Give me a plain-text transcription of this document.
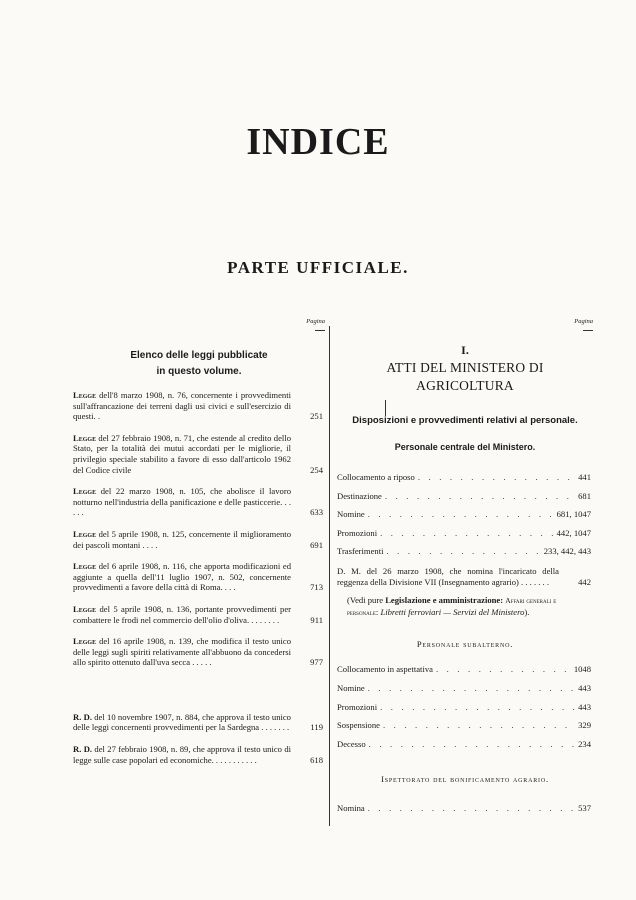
INDICE
PARTE UFFICIALE.
Pagina
Elenco delle leggi pubblicate
in questo volume.
Legge dell'8 marzo 1908, n. 76, concernente i provvedimenti sull'affrancazione dei terreni dagli usi civici e sull'esercizio di questi. .	251
Legge del 27 febbraio 1908, n. 71, che estende al credito dello Stato, per la totalità dei mutui accordati per le migliorie, il privilegio speciale stabilito a favore di esso dall'articolo 1962 del Codice civile	254
Legge del 22 marzo 1908, n. 105, che abolisce il lavoro notturno nell'industria della panificazione e delle pasticcerie. . . . . .	633
Legge del 5 aprile 1908, n. 125, concernente il miglioramento dei pascoli montani . . . .	691
Legge del 6 aprile 1908, n. 116, che apporta modificazioni ed aggiunte a quella dell'11 luglio 1907, n. 502, concernente provvedimenti a favore della città di Roma. . . .	713
Legge del 5 aprile 1908, n. 136, portante provvedimenti per combattere le frodi nel commercio dell'olio d'oliva. . . . . . . .	911
Legge del 16 aprile 1908, n. 139, che modifica il testo unico delle leggi sugli spiriti relativamente all'abbuono da concedersi allo spirito ottenuto dall'uva secca . . . . .	977
R. D. del 10 novembre 1907, n. 884, che approva il testo unico delle leggi concernenti provvedimenti per la Sardegna . . . . . . . 119
R. D. del 27 febbraio 1908, n. 89, che approva il testo unico di legge sulle case popolari ed economiche. . . . . . . . . . .	618
Pagina
I.
ATTI DEL MINISTERO DI AGRICOLTURA
Disposizioni e provvedimenti relativi al personale.
Personale centrale del Ministero.
Collocamento a riposo . . .	441
Destinazione . . .	681
Nomine . . .	681, 1047
Promozioni . . .	442, 1047
Trasferimenti . . .	233, 442, 443
D. M. del 26 marzo 1908, che nomina l'incaricato della reggenza della Divisione VII (Insegnamento agrario) . . . . . . .	442
(Vedi pure Legislazione e amministrazione: Affari generali e personale: Libretti ferroviari — Servizi del Ministero).
Personale subalterno.
Collocamento in aspettativa . . .	1048
Nomine . . .	443
Promozioni . . .	443
Sospensione . . .	329
Decesso . . .	234
Ispettorato del bonificamento agrario.
Nomina . . .	537
